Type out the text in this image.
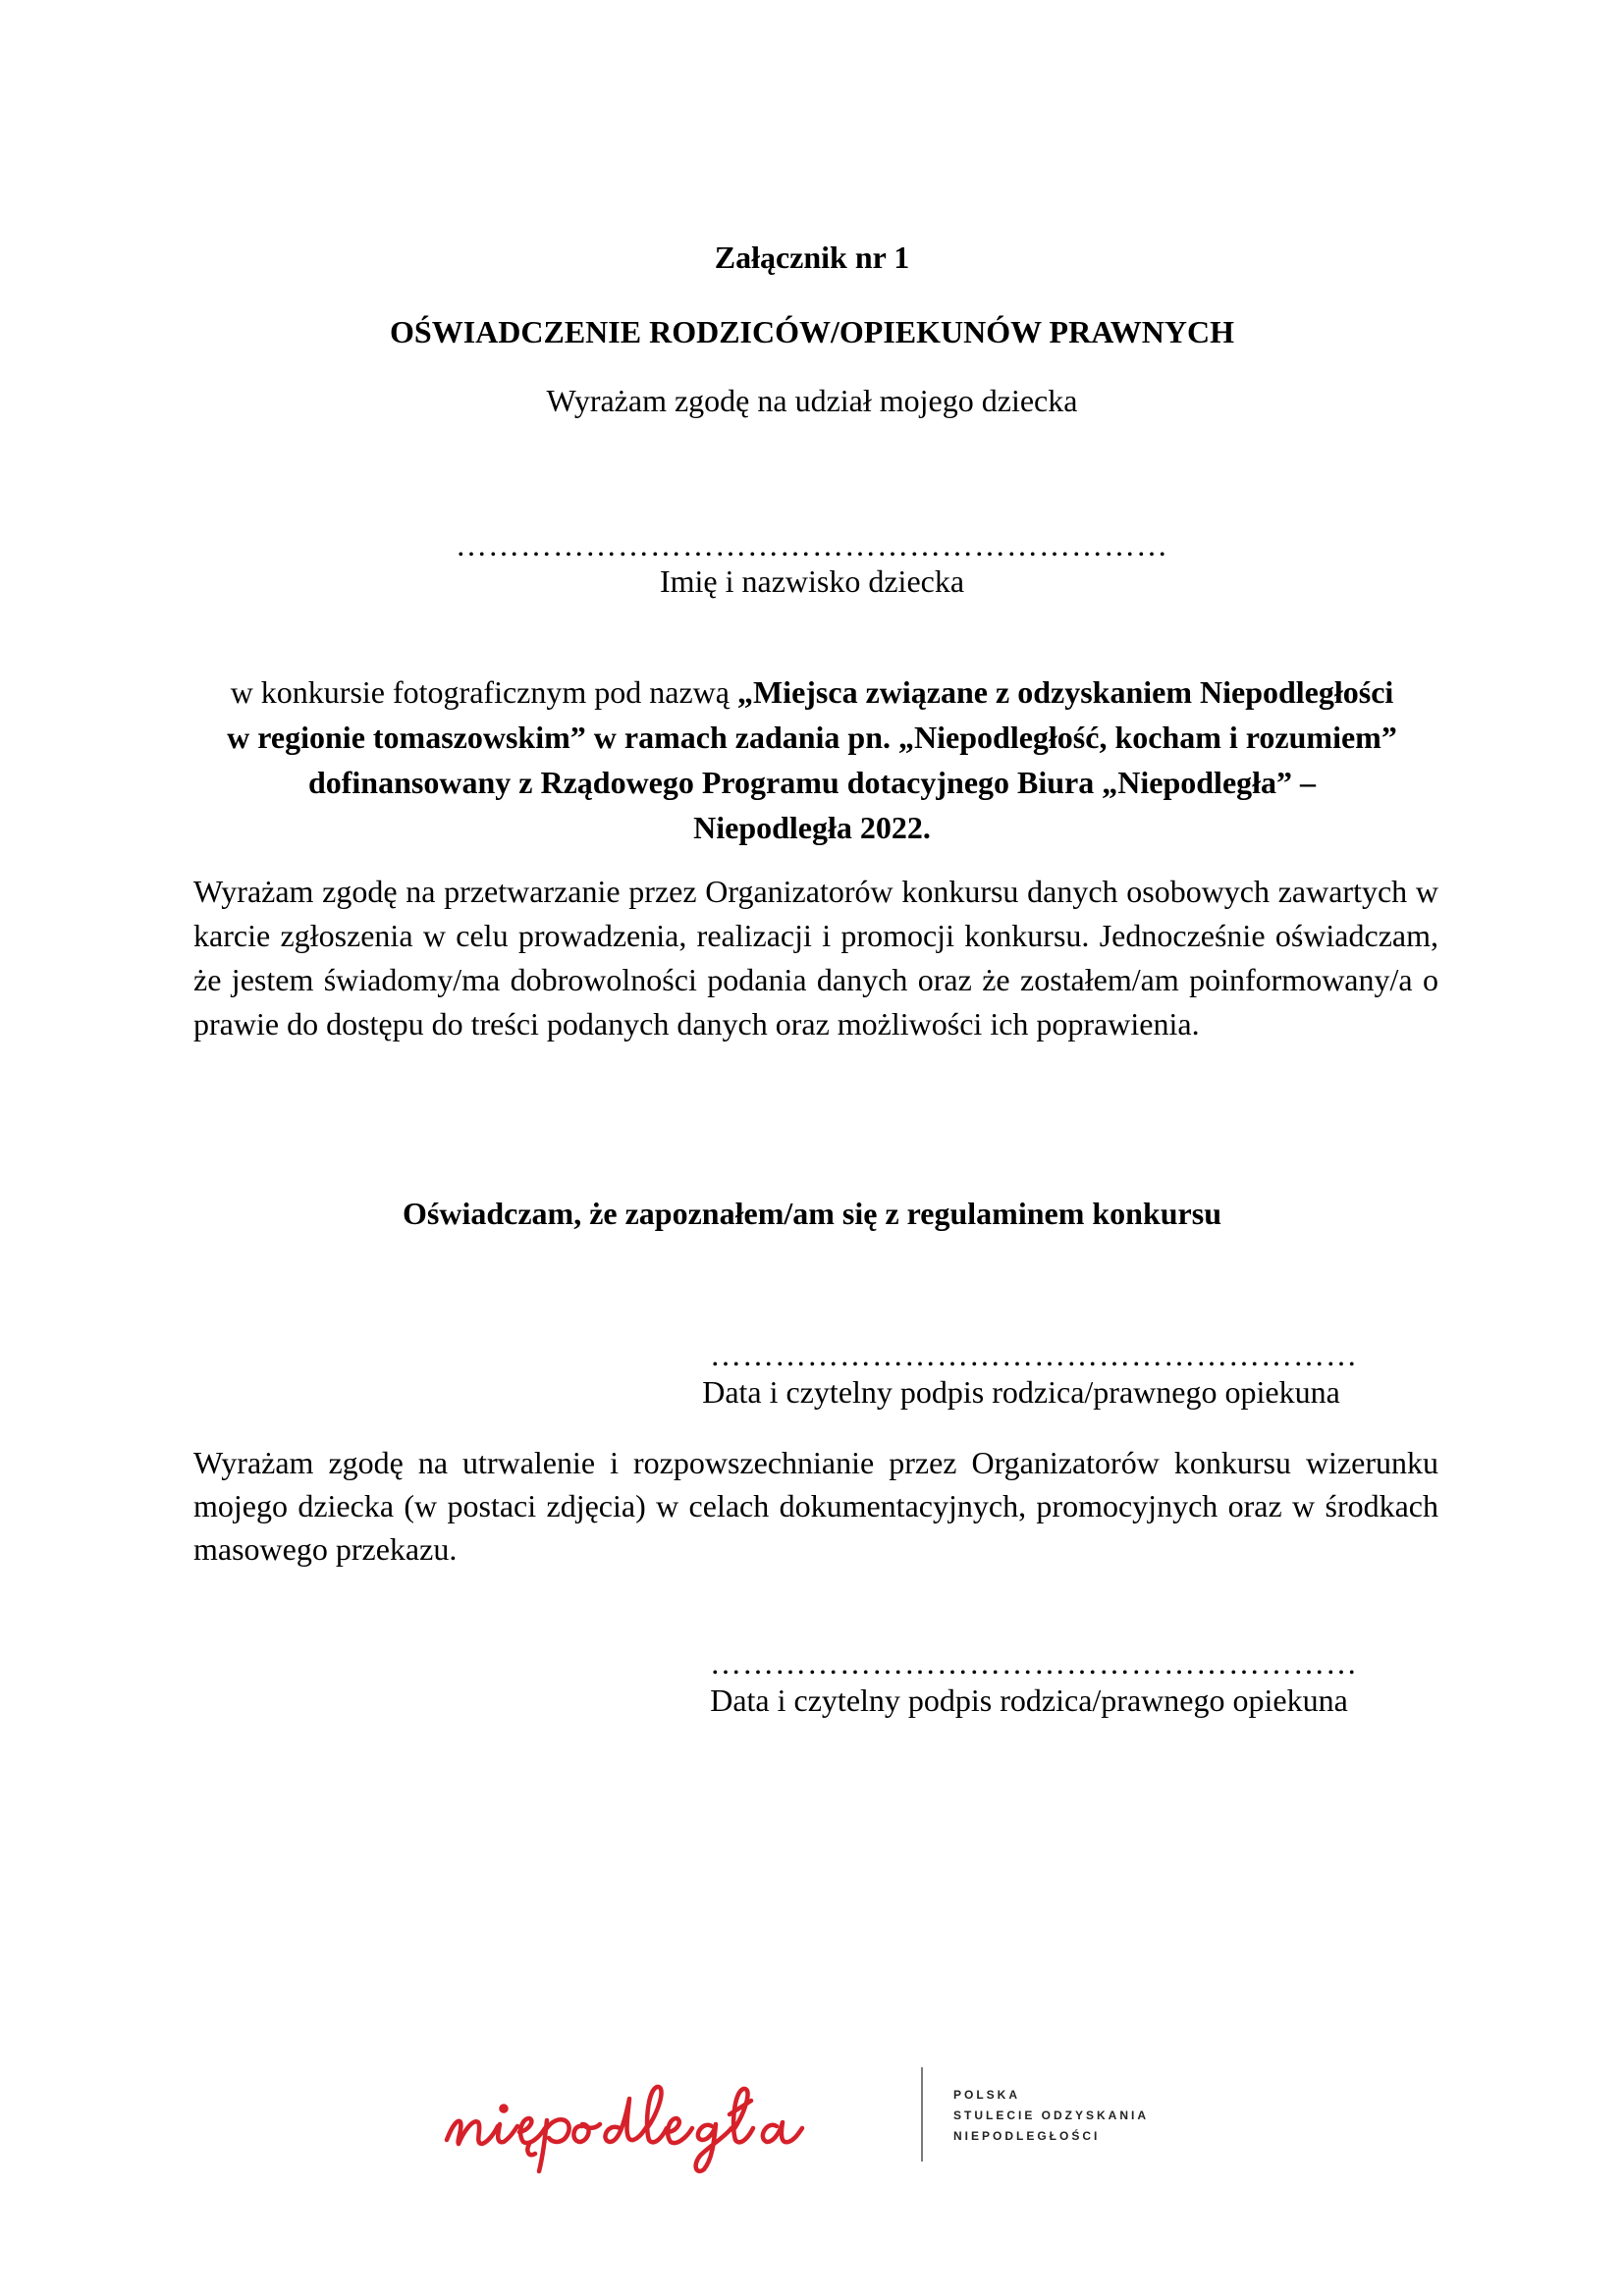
Załącznik nr 1
OŚWIADCZENIE RODZICÓW/OPIEKUNÓW PRAWNYCH
Wyrażam zgodę na udział mojego dziecka
…………………………………………………………
Imię i nazwisko dziecka
w konkursie fotograficznym pod nazwą „Miejsca związane z odzyskaniem Niepodległości w regionie tomaszowskim” w ramach zadania pn. „Niepodległość, kocham i rozumiem” dofinansowany z Rządowego Programu dotacyjnego Biura „Niepodległa” – Niepodległa 2022.
Wyrażam zgodę na przetwarzanie przez Organizatorów konkursu danych osobowych zawartych w karcie zgłoszenia w celu prowadzenia, realizacji i promocji konkursu. Jednocześnie oświadczam, że jestem świadomy/ma dobrowolności podania danych oraz że zostałem/am poinformowany/a o prawie do dostępu do treści podanych danych oraz możliwości ich poprawienia.
Oświadczam, że zapoznałem/am się z regulaminem konkursu
……………………………………………………
Data i czytelny podpis rodzica/prawnego opiekuna
Wyrażam zgodę na utrwalenie i rozpowszechnianie przez Organizatorów konkursu wizerunku mojego dziecka (w postaci zdjęcia) w celach dokumentacyjnych, promocyjnych oraz w środkach masowego przekazu.
……………………………………………………
Data i czytelny podpis rodzica/prawnego opiekuna
POLSKA
STULECIE ODZYSKANIA
NIEPODLEGŁOŚCI
